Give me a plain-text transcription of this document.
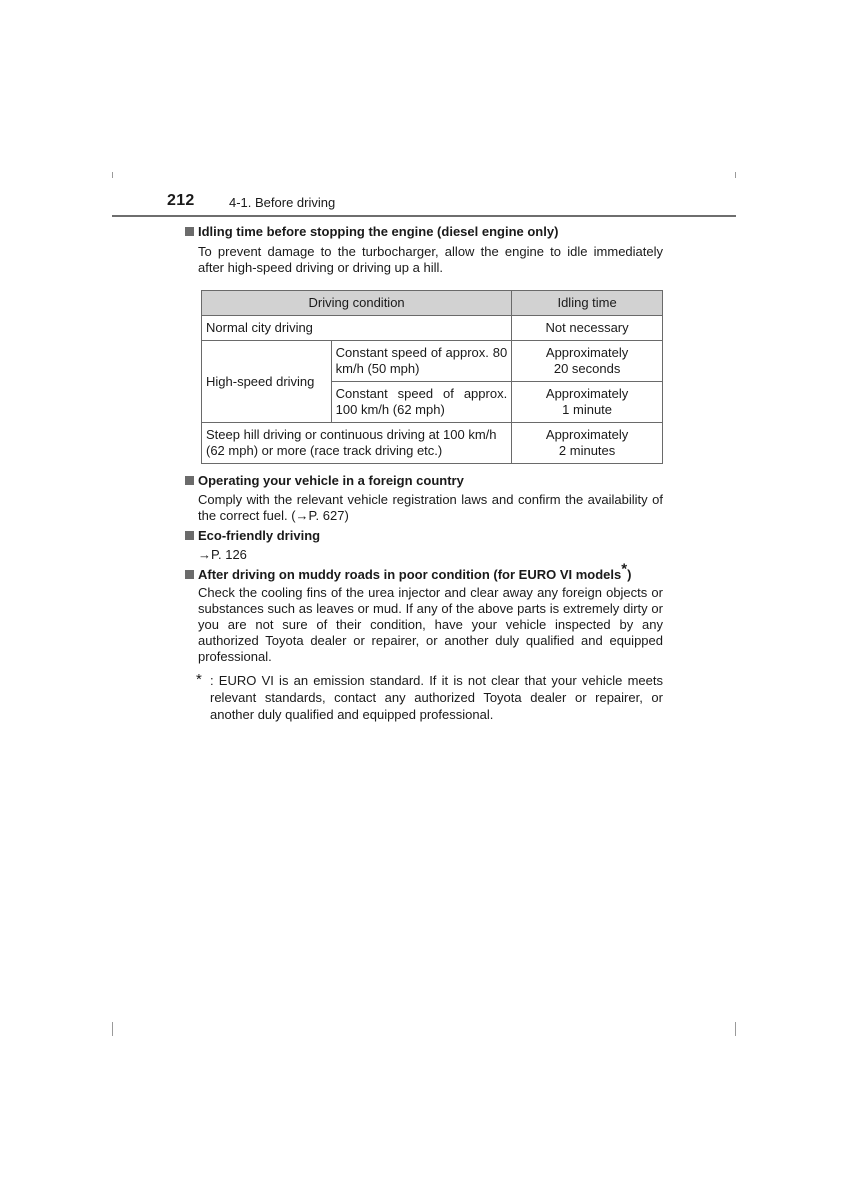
212	4-1. Before driving
Idling time before stopping the engine (diesel engine only)
To prevent damage to the turbocharger, allow the engine to idle immediately after high-speed driving or driving up a hill.
Driving condition		Idling time
Normal city driving		Not necessary
High-speed driving	Constant speed of approx. 80 km/h (50 mph)	Approximately
20 seconds
	Constant speed of approx. 100 km/h (62 mph)	Approximately
1 minute
Steep hill driving or continuous driving at 100 km/h (62 mph) or more (race track driving etc.)		Approximately
2 minutes
Operating your vehicle in a foreign country
Comply with the relevant vehicle registration laws and confirm the availability of the correct fuel. (→P. 627)
Eco-friendly driving
→P. 126
After driving on muddy roads in poor condition (for EURO VI models*)
Check the cooling fins of the urea injector and clear away any foreign objects or substances such as leaves or mud. If any of the above parts is extremely dirty or you are not sure of their condition, have your vehicle inspected by any authorized Toyota dealer or repairer, or another duly qualified and equipped professional.
* : EURO VI is an emission standard. If it is not clear that your vehicle meets relevant standards, contact any authorized Toyota dealer or repairer, or another duly qualified and equipped professional.
